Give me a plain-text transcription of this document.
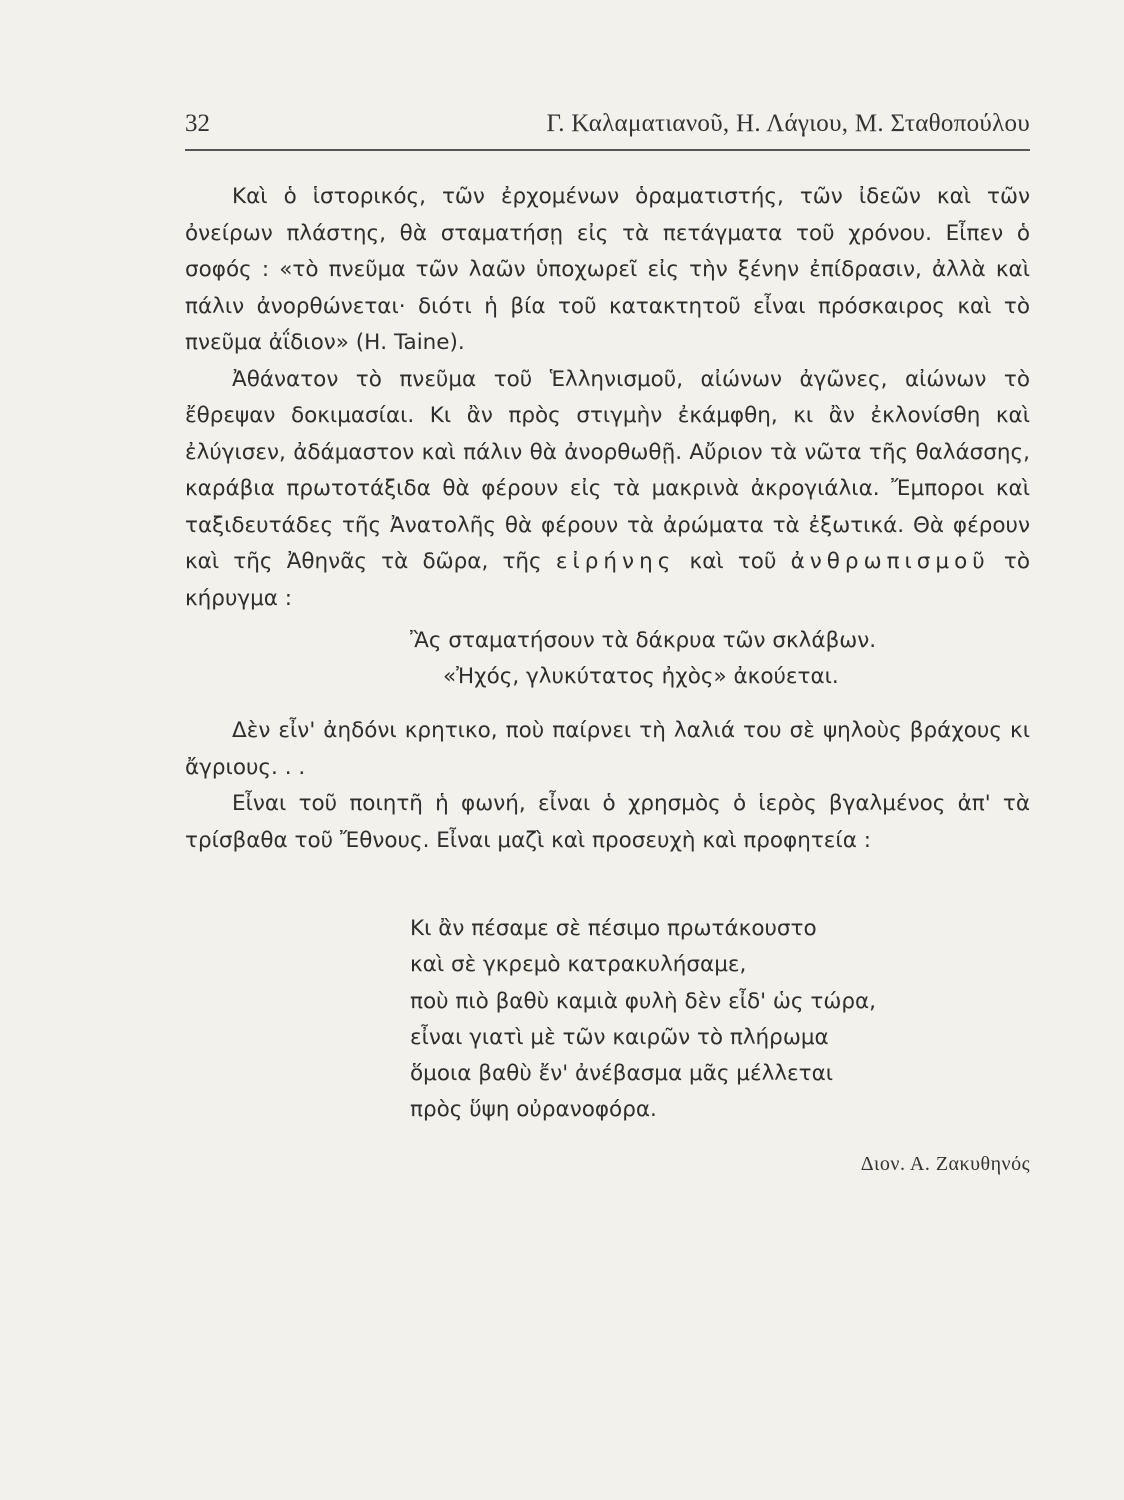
32	Γ. Καλαματιανοῦ, Η. Λάγιου, Μ. Σταθοπούλου

Καὶ ὁ ἱστορικός, τῶν ἐρχομένων ὁραματιστής, τῶν ἰδεῶν καὶ τῶν ὀνείρων πλάστης, θὰ σταματήσῃ εἰς τὰ πετάγματα τοῦ χρόνου. Εἶπεν ὁ σοφός : «τὸ πνεῦμα τῶν λαῶν ὑποχωρεῖ εἰς τὴν ξένην ἐπίδρασιν, ἀλλὰ καὶ πάλιν ἀνορθώνεται· διότι ἡ βία τοῦ κατακτητοῦ εἶναι πρόσκαιρος καὶ τὸ πνεῦμα ἀΐδιον» (Η. Taine).

Ἀθάνατον τὸ πνεῦμα τοῦ Ἑλληνισμοῦ, αἰώνων ἀγῶνες, αἰώνων τὸ ἔθρεψαν δοκιμασίαι. Κι ἂν πρὸς στιγμὴν ἐκάμφθη, κι ἂν ἐκλονίσθη καὶ ἐλύγισεν, ἀδάμαστον καὶ πάλιν θὰ ἀνορθωθῇ. Αὔριον τὰ νῶτα τῆς θαλάσσης, καράβια πρωτοτάξιδα θὰ φέρουν εἰς τὰ μακρινὰ ἀκρογιάλια. Ἔμποροι καὶ ταξιδευτάδες τῆς Ἀνατολῆς θὰ φέρουν τὰ ἀρώματα τὰ ἐξωτικά. Θὰ φέρουν καὶ τῆς Ἀθηνᾶς τὰ δῶρα, τῆς εἰρήνης καὶ τοῦ ἀνθρωπισμοῦ τὸ κήρυγμα :

Ἂς σταματήσουν τὰ δάκρυα τῶν σκλάβων.
«Ἠχός, γλυκύτατος ἠχὸς» ἀκούεται.

Δὲν εἶν' ἀηδόνι κρητικο, ποὺ παίρνει τὴ λαλιά του σὲ ψηλοὺς βράχους κι ἄγριους. . .

Εἶναι τοῦ ποιητῆ ἡ φωνή, εἶναι ὁ χρησμὸς ὁ ἱερὸς βγαλμένος ἀπ' τὰ τρίσβαθα τοῦ Ἔθνους. Εἶναι μαζὶ καὶ προσευχὴ καὶ προφητεία :

Κι ἂν πέσαμε σὲ πέσιμο πρωτάκουστο
καὶ σὲ γκρεμὸ κατρακυλήσαμε,
ποὺ πιὸ βαθὺ καμιὰ φυλὴ δὲν εἶδ' ὡς τώρα,
εἶναι γιατὶ μὲ τῶν καιρῶν τὸ πλήρωμα
ὅμοια βαθὺ ἔν' ἀνέβασμα μᾶς μέλλεται
πρὸς ὕψη οὐρανοφόρα.
Διον. Α. Ζακυθηνός
